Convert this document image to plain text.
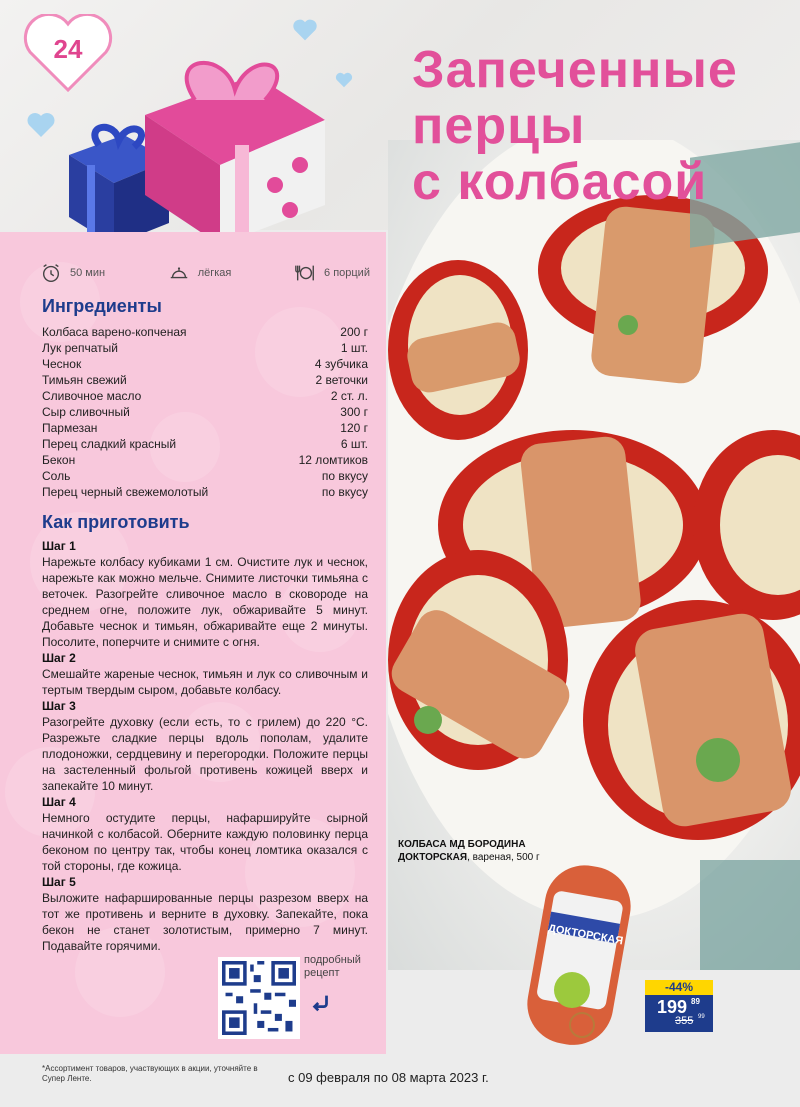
24	Запеченные
перцы
с колбасой
50 мин	лёгкая	6 порций
Ингредиенты
Колбаса варено-копченая	200 г
Лук репчатый	1 шт.
Чеснок	4 зубчика
Тимьян свежий	2 веточки
Сливочное масло	2 ст. л.
Сыр сливочный	300 г
Пармезан	120 г
Перец сладкий красный	6 шт.
Бекон	12 ломтиков
Соль	по вкусу
Перец черный свежемолотый	по вкусу
Как приготовить
Шаг 1
Нарежьте колбасу кубиками 1 см. Очистите лук и чеснок, нарежьте как можно мельче. Снимите листочки тимьяна с веточек. Разогрейте сливочное масло в сковороде на среднем огне, положите лук, обжаривайте 5 минут. Добавьте чеснок и тимьян, обжаривайте еще 2 минуты. Посолите, поперчите и снимите с огня.
Шаг 2
Смешайте жареные чеснок, тимьян и лук со сливочным и тертым твердым сыром, добавьте колбасу.
Шаг 3
Разогрейте духовку (если есть, то с грилем) до 220 °С. Разрежьте сладкие перцы вдоль пополам, удалите плодоножки, сердцевину и перегородки. Положите перцы на застеленный фольгой противень кожицей вверх и запекайте 10 минут.
Шаг 4
Немного остудите перцы, нафаршируйте сырной начинкой с колбасой. Оберните каждую половинку перца беконом по центру так, чтобы конец ломтика оказался с той стороны, где кожица.
Шаг 5
Выложите нафаршированные перцы разрезом вверх на тот же противень и верните в духовку. Запекайте, пока бекон не станет золотистым, примерно 7 минут. Подавайте горячими.
подробный рецепт
КОЛБАСА МД БОРОДИНА ДОКТОРСКАЯ, вареная, 500 г
ДОКТОРСКАЯ
-44%
199 89
355 99
*Ассортимент товаров, участвующих в акции, уточняйте в Супер Ленте.	с 09 февраля по 08 марта 2023 г.
